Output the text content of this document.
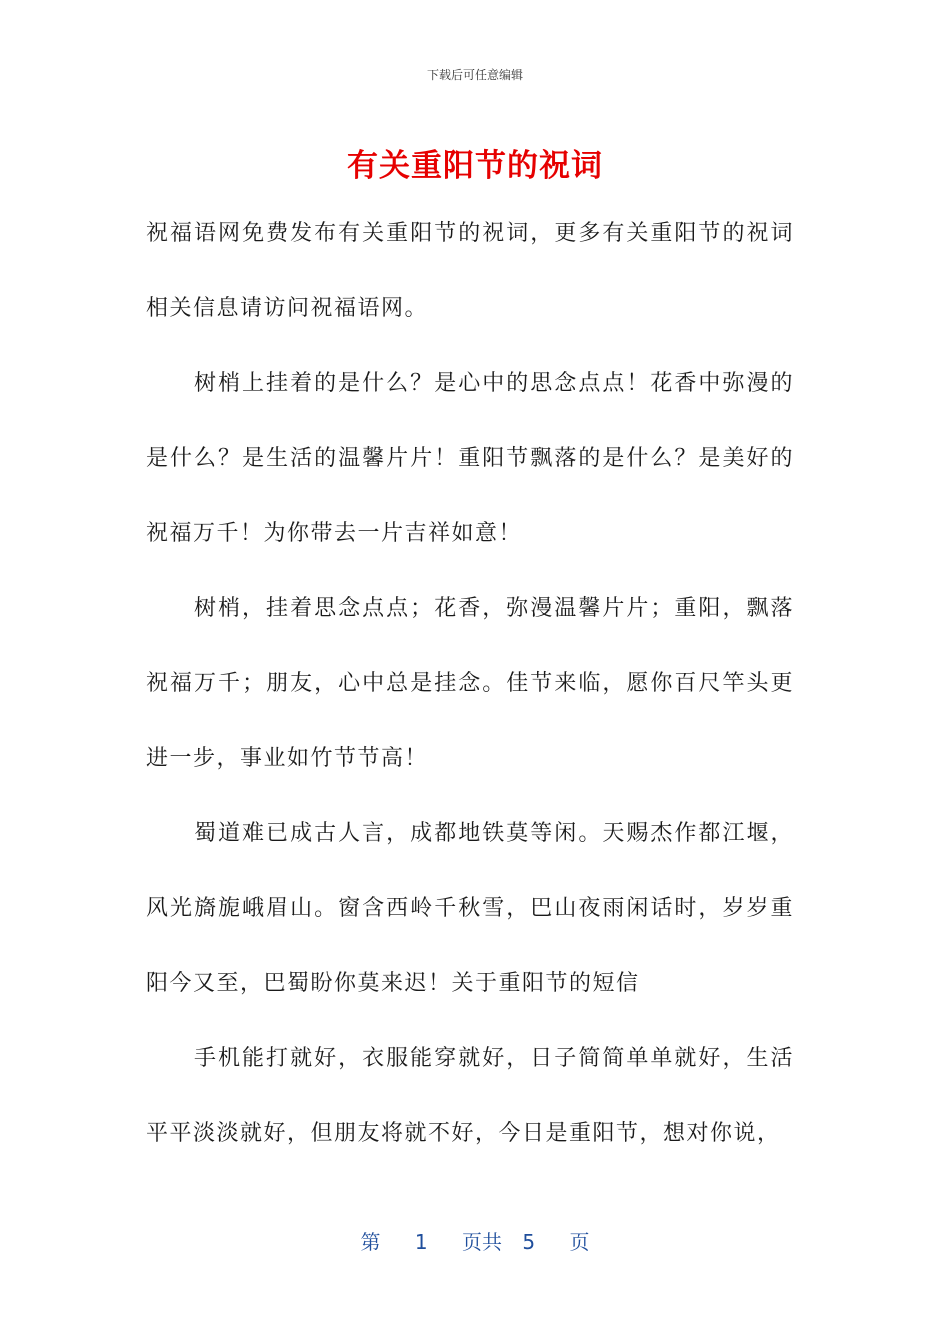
下载后可任意编辑
有关重阳节的祝词

祝福语网免费发布有关重阳节的祝词，更多有关重阳节的祝词相关信息请访问祝福语网。

树梢上挂着的是什么？是心中的思念点点！花香中弥漫的是什么？是生活的温馨片片！重阳节飘落的是什么？是美好的祝福万千！为你带去一片吉祥如意！

树梢，挂着思念点点；花香，弥漫温馨片片；重阳，飘落祝福万千；朋友，心中总是挂念。佳节来临，愿你百尺竿头更进一步，事业如竹节节高！

蜀道难已成古人言，成都地铁莫等闲。天赐杰作都江堰，风光旖旎峨眉山。窗含西岭千秋雪，巴山夜雨闲话时，岁岁重阳今又至，巴蜀盼你莫来迟！关于重阳节的短信

手机能打就好，衣服能穿就好，日子简简单单就好，生活平平淡淡就好，但朋友将就不好，今日是重阳节，想对你说，

第 1 页共 5 页
